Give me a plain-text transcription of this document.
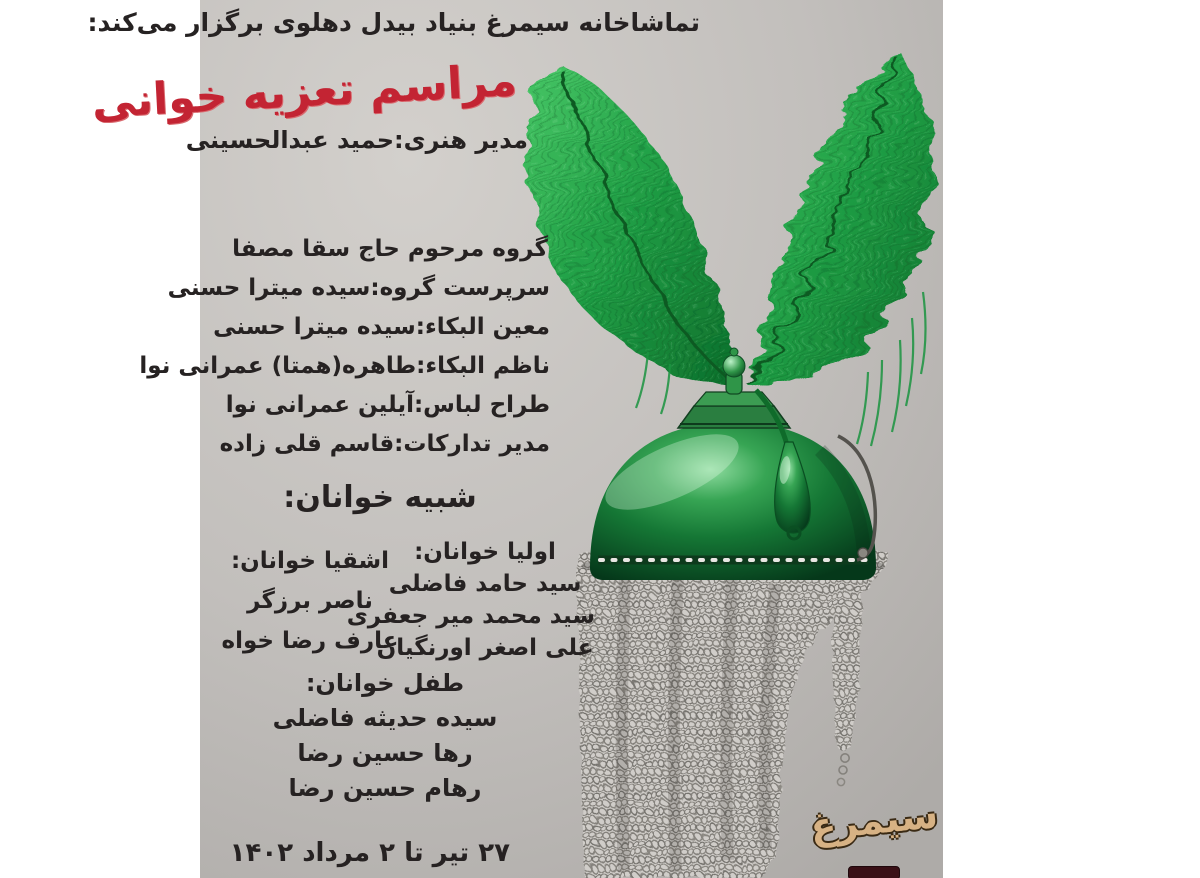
تماشاخانه سیمرغ بنیاد بیدل دهلوی برگزار می‌کند:
مراسم تعزیه خوانی
مدیر هنری:حمید عبدالحسینی
گروه مرحوم حاج سقا مصفا
سرپرست گروه:سیده میترا حسنی
معین البکاء:سیده میترا حسنی
ناظم البکاء:طاهره(همتا) عمرانی نوا
طراح لباس:آیلین عمرانی نوا
مدیر تدارکات:قاسم قلی زاده
شبیه خوانان:
اولیا خوانان:
سید حامد فاضلی
سید محمد میر جعفری
علی اصغر اورنگیان
اشقیا خوانان:
ناصر برزگر
عارف رضا خواه
طفل خوانان:
سیده حدیثه فاضلی
رها حسین رضا
رهام حسین رضا
۲۷ تیر تا ۲ مرداد ۱۴۰۲
سیمرغ
